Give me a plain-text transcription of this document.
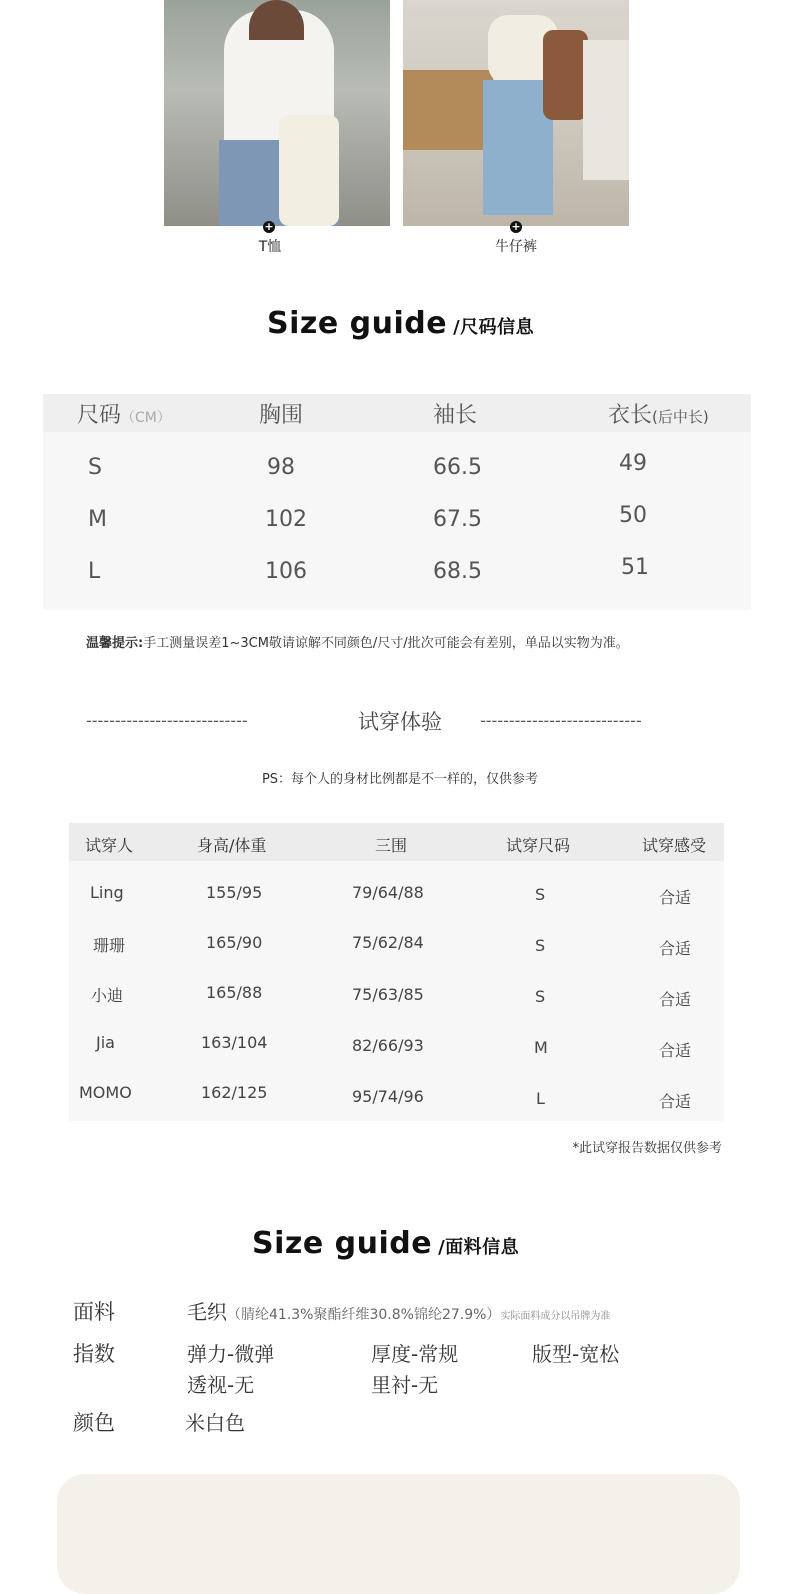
+
T恤
+
牛仔裤
Size guide /尺码信息
尺码（CM）	胸围	袖长	衣长(后中长)
S	98	66.5	49
M	102	67.5	50
L	106	68.5	51
温馨提示:手工测量误差1~3CM敬请谅解不同颜色/尺寸/批次可能会有差别，单品以实物为准。
----------------------------	试穿体验	----------------------------
PS：每个人的身材比例都是不一样的，仅供参考
试穿人	身高/体重	三围	试穿尺码	试穿感受
Ling	155/95	79/64/88	S	合适
珊珊	165/90	75/62/84	S	合适
小迪	165/88	75/63/85	S	合适
Jia	163/104	82/66/93	M	合适
MOMO	162/125	95/74/96	L	合适
*此试穿报告数据仅供参考
Size guide /面料信息
面料	毛织（腈纶41.3%聚酯纤维30.8%锦纶27.9%）实际面料成分以吊牌为准
指数	弹力-微弹	厚度-常规	版型-宽松
透视-无	里衬-无
颜色	米白色
